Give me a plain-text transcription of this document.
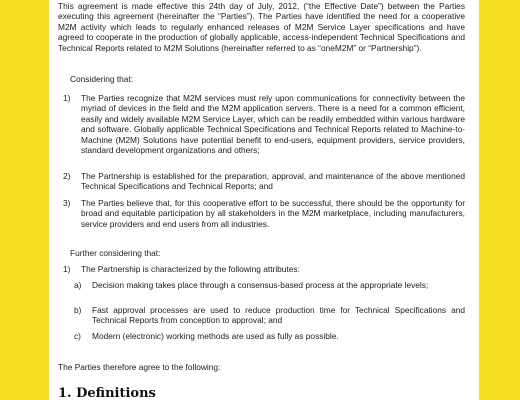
This agreement is made effective this 24th day of July, 2012, (“the Effective Date”) between the Parties executing this agreement (hereinafter the “Parties”). The Parties have identified the need for a cooperative M2M activity which leads to regularly enhanced releases of M2M Service Layer specifications and have agreed to cooperate in the production of globally applicable, access-independent Technical Specifications and Technical Reports related to M2M Solutions (hereinafter referred to as “oneM2M” or “Partnership”).
Considering that:
1) The Parties recognize that M2M services must rely upon communications for connectivity between the myriad of devices in the field and the M2M application servers. There is a need for a common efficient, easily and widely available M2M Service Layer, which can be readily embedded within various hardware and software. Globally applicable Technical Specifications and Technical Reports related to Machine-to-Machine (M2M) Solutions have potential benefit to end-users, equipment providers, service providers, standard development organizations and others;
2) The Partnership is established for the preparation, approval, and maintenance of the above mentioned Technical Specifications and Technical Reports; and
3) The Parties believe that, for this cooperative effort to be successful, there should be the opportunity for broad and equitable participation by all stakeholders in the M2M marketplace, including manufacturers, service providers and end users from all industries.
Further considering that:
1) The Partnership is characterized by the following attributes:
a) Decision making takes place through a consensus-based process at the appropriate levels;
b) Fast approval processes are used to reduce production time for Technical Specifications and Technical Reports from conception to approval; and
c) Modern (electronic) working methods are used as fully as possible.
The Parties therefore agree to the following:
1. Definitions
